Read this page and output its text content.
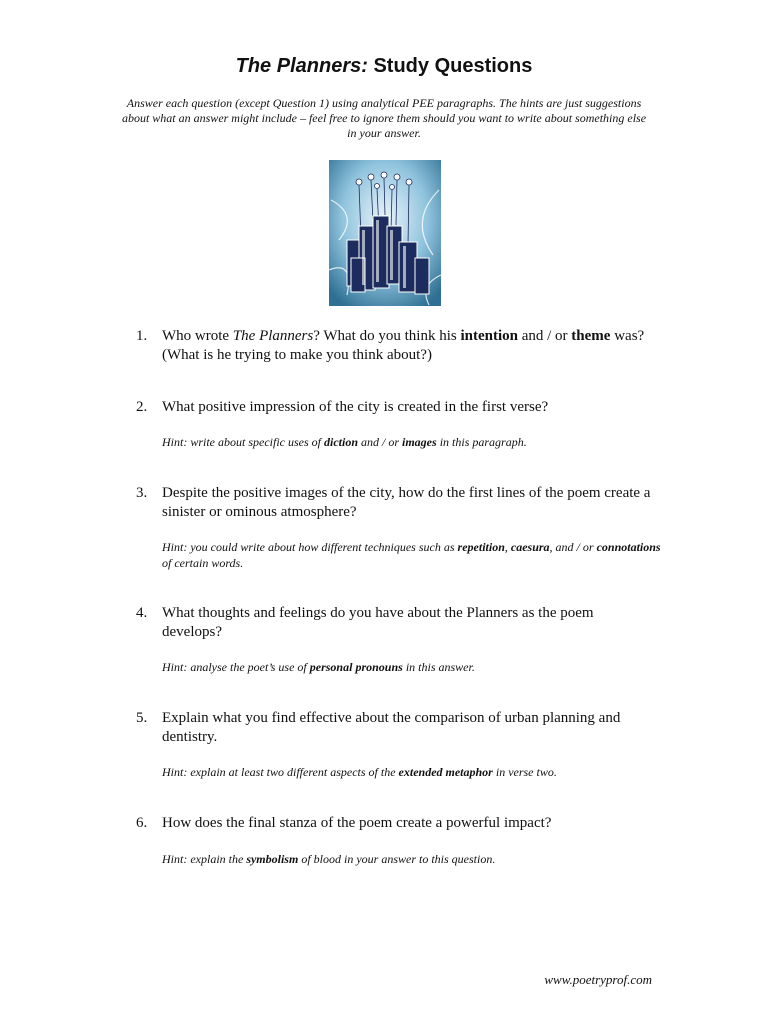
The Planners: Study Questions
Answer each question (except Question 1) using analytical PEE paragraphs. The hints are just suggestions about what an answer might include – feel free to ignore them should you want to write about something else in your answer.
1. Who wrote The Planners? What do you think his intention and / or theme was? (What is he trying to make you think about?)
2. What positive impression of the city is created in the first verse?
Hint: write about specific uses of diction and / or images in this paragraph.
3. Despite the positive images of the city, how do the first lines of the poem create a sinister or ominous atmosphere?
Hint: you could write about how different techniques such as repetition, caesura, and / or connotations of certain words.
4. What thoughts and feelings do you have about the Planners as the poem develops?
Hint: analyse the poet’s use of personal pronouns in this answer.
5. Explain what you find effective about the comparison of urban planning and dentistry.
Hint: explain at least two different aspects of the extended metaphor in verse two.
6. How does the final stanza of the poem create a powerful impact?
Hint: explain the symbolism of blood in your answer to this question.
www.poetryprof.com
